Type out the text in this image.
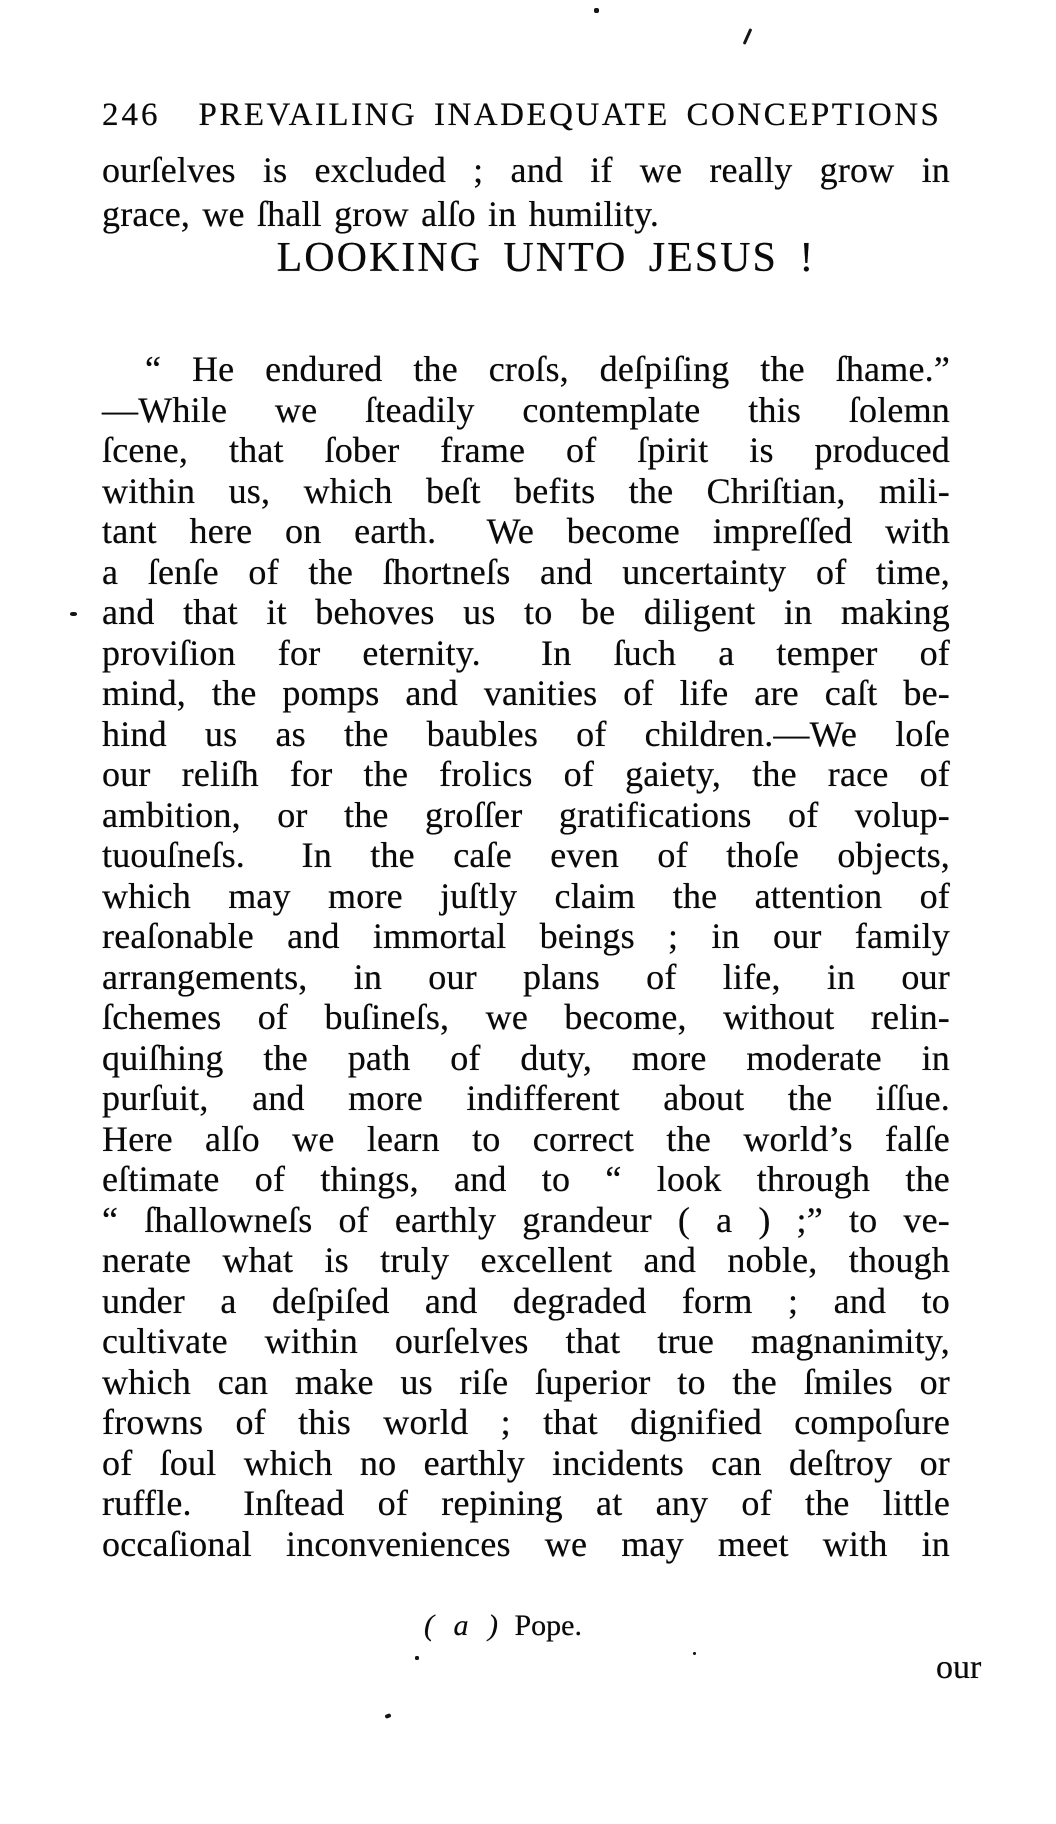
246 PREVAILING INADEQUATE CONCEPTIONS
ourſelves is excluded ; and if we really grow in
grace, we ſhall grow alſo in humility.
LOOKING UNTO JESUS !
“ He endured the croſs, deſpiſing the ſhame.”
—While we ſteadily contemplate this ſolemn
ſcene, that ſober frame of ſpirit is produced
within us, which beſt befits the Chriſtian, mili-
tant here on earth.  We become impreſſed with
a ſenſe of the ſhortneſs and uncertainty of time,
and that it behoves us to be diligent in making
proviſion for eternity.  In ſuch a temper of
mind, the pomps and vanities of life are caſt be-
hind us as the baubles of children.—We loſe
our reliſh for the frolics of gaiety, the race of
ambition, or the groſſer gratifications of volup-
tuouſneſs.  In the caſe even of thoſe objects,
which may more juſtly claim the attention of
reaſonable and immortal beings ; in our family
arrangements, in our plans of life, in our
ſchemes of buſineſs, we become, without relin-
quiſhing the path of duty, more moderate in
purſuit, and more indifferent about the iſſue.
Here alſo we learn to correct the world’s falſe
eſtimate of things, and to “ look through the
“ ſhallowneſs of earthly grandeur ( a ) ;” to ve-
nerate what is truly excellent and noble, though
under a deſpiſed and degraded form ; and to
cultivate within ourſelves that true magnanimity,
which can make us riſe ſuperior to the ſmiles or
frowns of this world ; that dignified compoſure
of ſoul which no earthly incidents can deſtroy or
ruffle.  Inſtead of repining at any of the little
occaſional inconveniences we may meet with in
( a ) Pope.
our
